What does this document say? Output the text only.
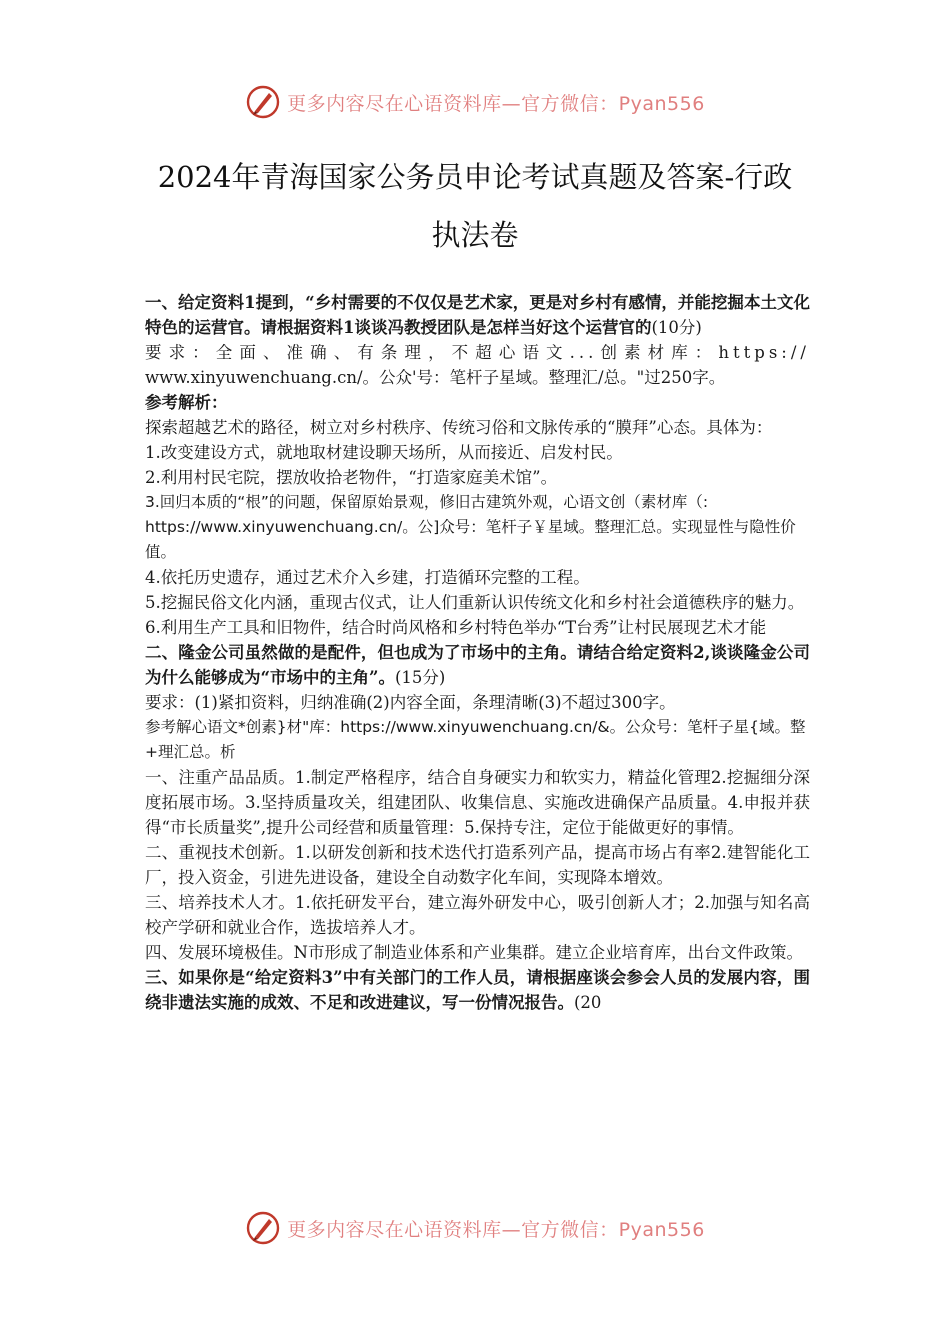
更多内容尽在心语资料库—官方微信：Pyan556
2024年青海国家公务员申论考试真题及答案-行政
执法卷

一、给定资料1提到，“乡村需要的不仅仅是艺术家，更是对乡村有感情，并能挖掘本土文化特色的运营官。请根据资料1谈谈冯教授团队是怎样当好这个运营官的(10分)

要求：全面、准确、有条理，不超心语文...创素材库：https://

www.xinyuwenchuang.cn/。公众'号：笔杆子星域。整理汇/总。"过250字。

参考解析：

探索超越艺术的路径，树立对乡村秩序、传统习俗和文脉传承的“膜拜”心态。具体为：

1.改变建设方式，就地取材建设聊天场所，从而接近、启发村民。

2.利用村民宅院，摆放收拾老物件，“打造家庭美术馆”。

3.回归本质的“根”的问题，保留原始景观，修旧古建筑外观，心语文创（素材库（:

https://www.xinyuwenchuang.cn/。公]众号：笔杆子￥星域。整理汇总。实现显性与隐性价值。

4.依托历史遗存，通过艺术介入乡建，打造循环完整的工程。

5.挖掘民俗文化内涵，重现古仪式，让人们重新认识传统文化和乡村社会道德秩序的魅力。

6.利用生产工具和旧物件，结合时尚风格和乡村特色举办“T台秀”让村民展现艺术才能

二、隆金公司虽然做的是配件，但也成为了市场中的主角。请结合给定资料2,谈谈隆金公司为什么能够成为“市场中的主角”。(15分)

要求：(1)紧扣资料，归纳准确(2)内容全面，条理清晰(3)不超过300字。

参考解心语文*创素}材"库：https://www.xinyuwenchuang.cn/&。公众号：笔杆子星{域。整+理汇总。析

一、注重产品品质。1.制定严格程序，结合自身硬实力和软实力，精益化管理2.挖掘细分深度拓展市场。3.坚持质量攻关，组建团队、收集信息、实施改进确保产品质量。4.申报并获得“市长质量奖”,提升公司经营和质量管理：5.保持专注，定位于能做更好的事情。

二、重视技术创新。1.以研发创新和技术迭代打造系列产品，提高市场占有率2.建智能化工厂，投入资金，引进先进设备，建设全自动数字化车间，实现降本增效。

三、培养技术人才。1.依托研发平台，建立海外研发中心，吸引创新人才；2.加强与知名高校产学研和就业合作，选拔培养人才。

四、发展环境极佳。N市形成了制造业体系和产业集群。建立企业培育库，出台文件政策。

三、如果你是“给定资料3”中有关部门的工作人员，请根据座谈会参会人员的发展内容，围绕非遗法实施的成效、不足和改进建议，写一份情况报告。(20

更多内容尽在心语资料库—官方微信：Pyan556
